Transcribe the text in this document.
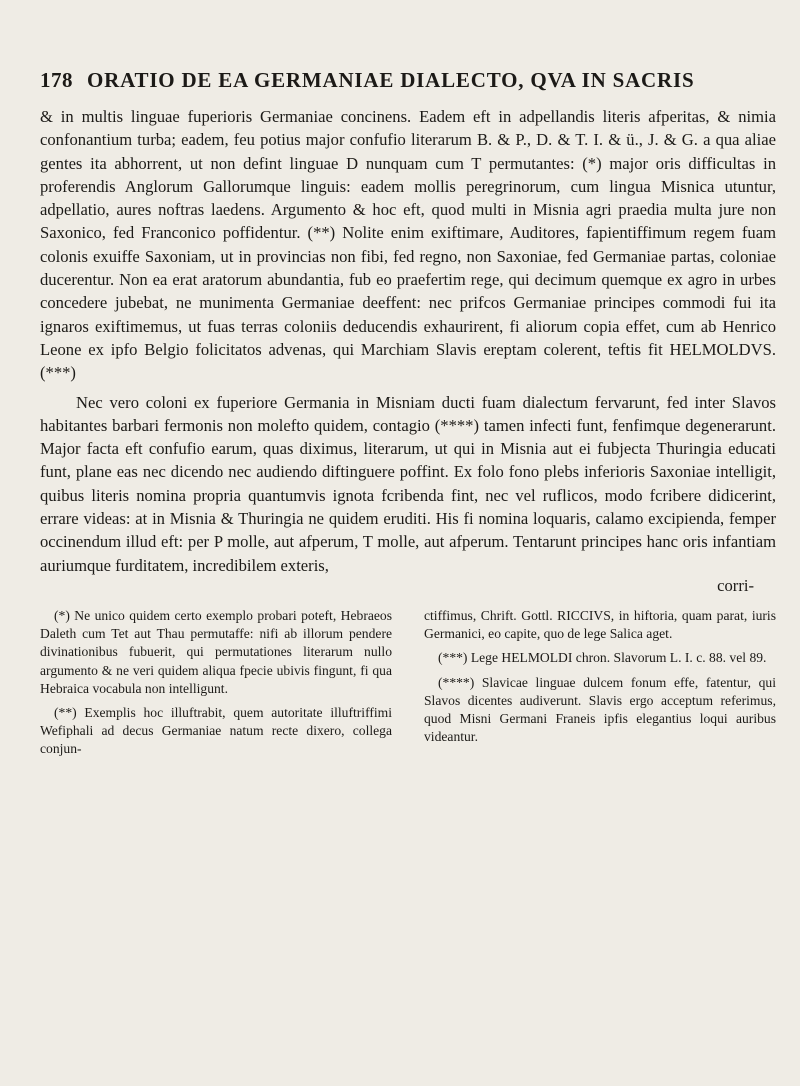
178 ORATIO DE EA GERMANIAE DIALECTO, QVA IN SACRIS

& in multis linguae fuperioris Germaniae concinens. Eadem eft in adpellandis literis afperitas, & nimia confonantium turba; eadem, feu potius major confufio literarum B. & P., D. & T. I. & ü., J. & G. a qua aliae gentes ita abhorrent, ut non defint linguae D nunquam cum T permutantes: (*) major oris difficultas in proferendis Anglorum Gallorumque linguis: eadem mollis peregrinorum, cum lingua Misnica utuntur, adpellatio, aures noftras laedens. Argumento & hoc eft, quod multi in Misnia agri praedia multa jure non Saxonico, fed Franconico poffidentur. (**) Nolite enim exiftimare, Auditores, fapientiffimum regem fuam colonis exuiffe Saxoniam, ut in provincias non fibi, fed regno, non Saxoniae, fed Germaniae partas, coloniae ducerentur. Non ea erat aratorum abundantia, fub eo praefertim rege, qui decimum quemque ex agro in urbes concedere jubebat, ne munimenta Germaniae deeffent: nec prifcos Germaniae principes commodi fui ita ignaros exiftimemus, ut fuas terras coloniis deducendis exhaurirent, fi aliorum copia effet, cum ab Henrico Leone ex ipfo Belgio folicitatos advenas, qui Marchiam Slavis ereptam colerent, teftis fit HELMOLDVS. (***)

Nec vero coloni ex fuperiore Germania in Misniam ducti fuam dialectum fervarunt, fed inter Slavos habitantes barbari fermonis non molefto quidem, contagio (****) tamen infecti funt, fenfimque degenerarunt. Major facta eft confufio earum, quas diximus, literarum, ut qui in Misnia aut ei fubjecta Thuringia educati funt, plane eas nec dicendo nec audiendo diftinguere poffint. Ex folo fono plebs inferioris Saxoniae intelligit, quibus literis nomina propria quantumvis ignota fcribenda fint, nec vel ruflicos, modo fcribere didicerint, errare videas: at in Misnia & Thuringia ne quidem eruditi. His fi nomina loquaris, calamo excipienda, femper occinendum illud eft: per P molle, aut afperum, T molle, aut afperum. Tentarunt principes hanc oris infantiam auriumque furditatem, incredibilem exteris,

corri-

(*) Ne unico quidem certo exemplo probari poteft, Hebraeos Daleth cum Tet aut Thau permutaffe: nifi ab illorum pendere divinationibus fubuerit, qui permutationes literarum nullo argumento & ne veri quidem aliqua fpecie ubivis fingunt, fi qua Hebraica vocabula non intelligunt.

(**) Exemplis hoc illuftrabit, quem autoritate illuftriffimi Wefiphali ad decus Germaniae natum recte dixero, collega conjun-

ctiffimus, Chrift. Gottl. RICCIVS, in hiftoria, quam parat, iuris Germanici, eo capite, quo de lege Salica aget.

(***) Lege HELMOLDI chron. Slavorum L. I. c. 88. vel 89.

(****) Slavicae linguae dulcem fonum effe, fatentur, qui Slavos dicentes audiverunt. Slavis ergo acceptum referimus, quod Misni Germani Franeis ipfis elegantius loqui auribus videantur.
